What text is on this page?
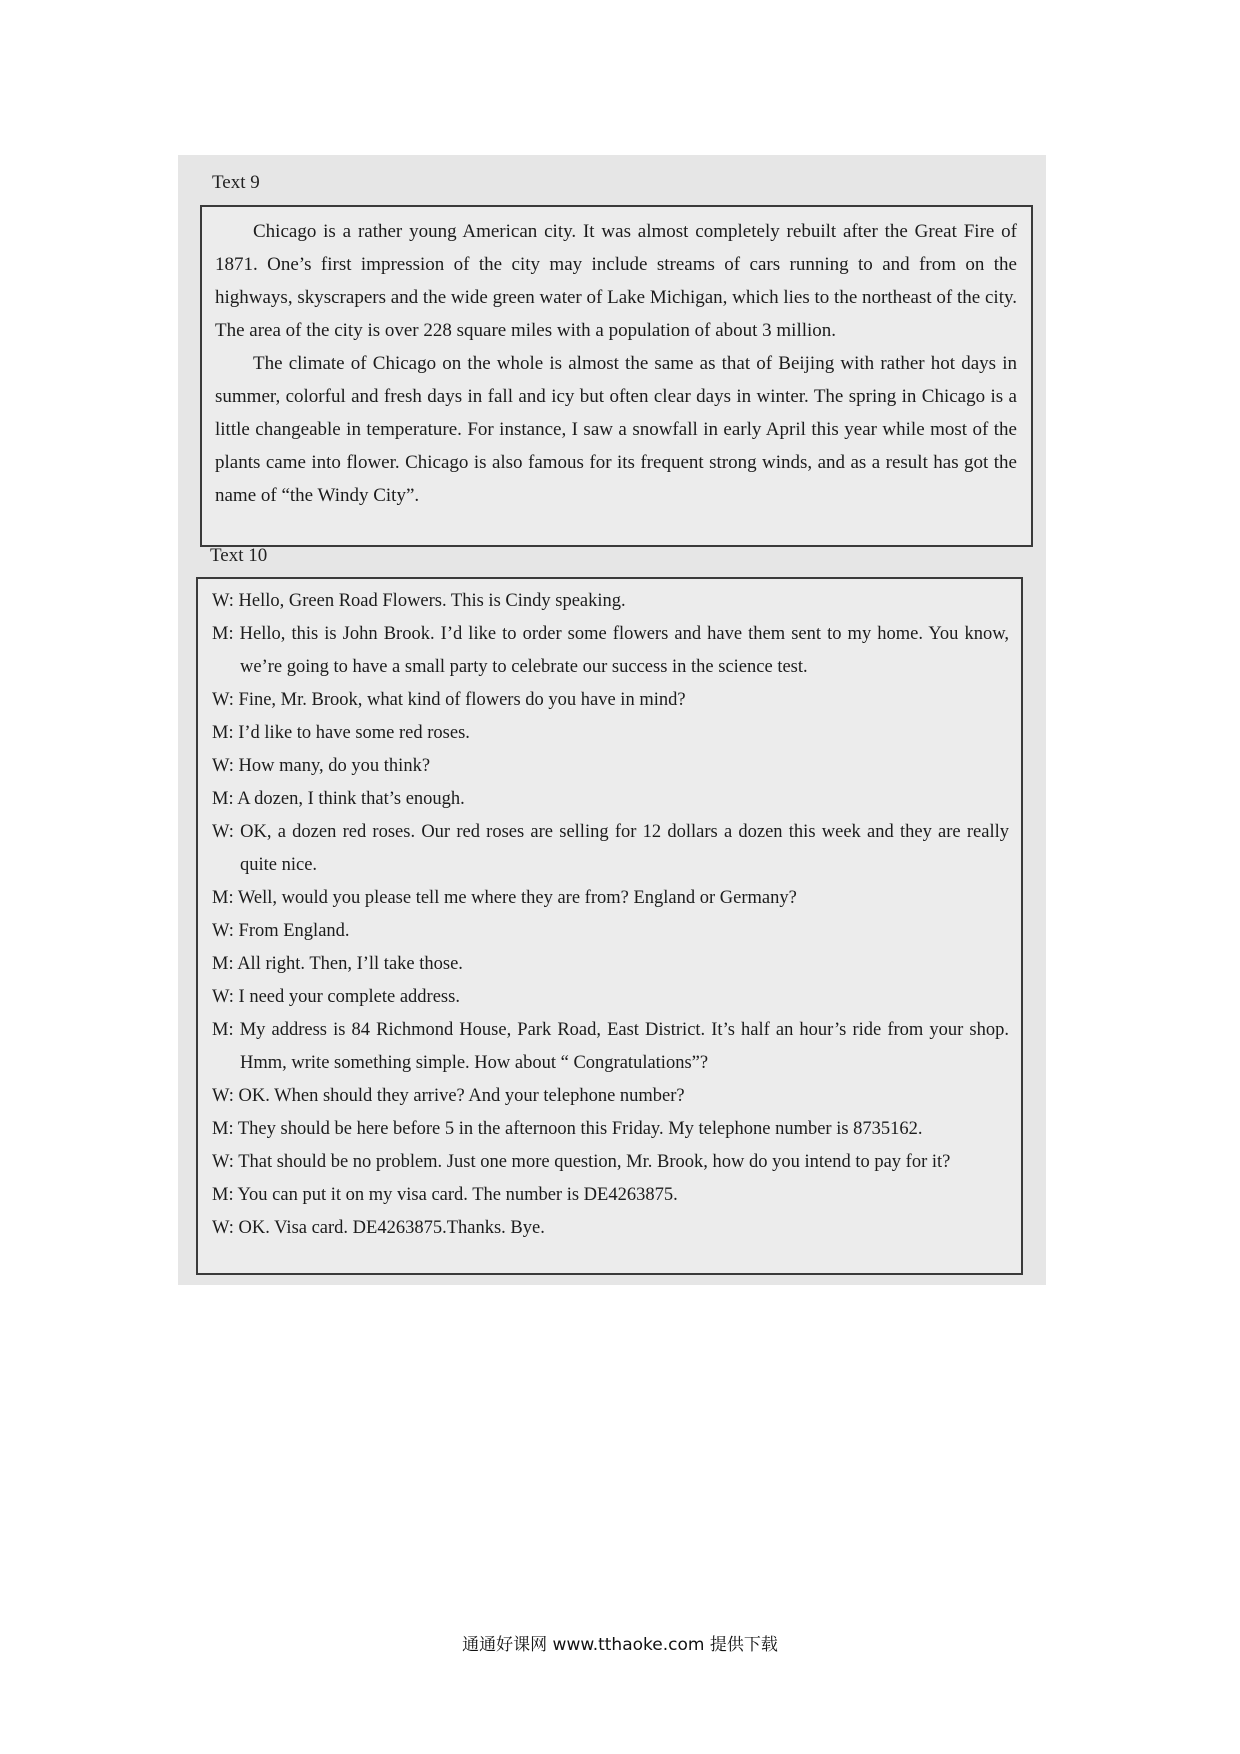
Text 9

Chicago is a rather young American city. It was almost completely rebuilt after the Great Fire of 1871. One’s first impression of the city may include streams of cars running to and from on the highways, skyscrapers and the wide green water of Lake Michigan, which lies to the northeast of the city. The area of the city is over 228 square miles with a population of about 3 million.

The climate of Chicago on the whole is almost the same as that of Beijing with rather hot days in summer, colorful and fresh days in fall and icy but often clear days in winter. The spring in Chicago is a little changeable in temperature. For instance, I saw a snowfall in early April this year while most of the plants came into flower. Chicago is also famous for its frequent strong winds, and as a result has got the name of “the Windy City”.

Text 10

W: Hello, Green Road Flowers. This is Cindy speaking.

M: Hello, this is John Brook. I’d like to order some flowers and have them sent to my home. You know, we’re going to have a small party to celebrate our success in the science test.

W: Fine, Mr. Brook, what kind of flowers do you have in mind?

M: I’d like to have some red roses.

W: How many, do you think?

M: A dozen, I think that’s enough.

W: OK, a dozen red roses. Our red roses are selling for 12 dollars a dozen this week and they are really quite nice.

M: Well, would you please tell me where they are from? England or Germany?

W: From England.

M: All right. Then, I’ll take those.

W: I need your complete address.

M: My address is 84 Richmond House, Park Road, East District. It’s half an hour’s ride from your shop. Hmm, write something simple. How about “ Congratulations”?

W: OK. When should they arrive? And your telephone number?

M: They should be here before 5 in the afternoon this Friday. My telephone number is 8735162.

W: That should be no problem. Just one more question, Mr. Brook, how do you intend to pay for it?

M: You can put it on my visa card. The number is DE4263875.

W: OK. Visa card. DE4263875.Thanks. Bye.

通通好课网 www.tthaoke.com 提供下载
